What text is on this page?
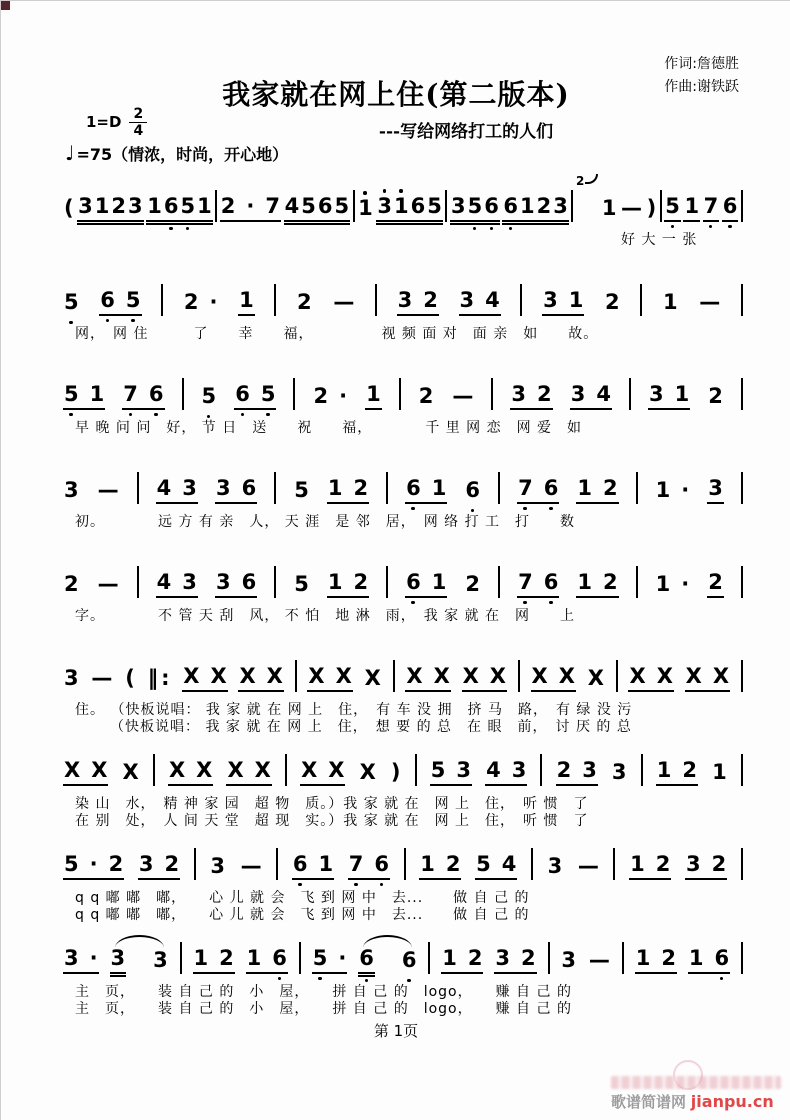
我家就在网上住(第二版本)
---写给网络打工的人们
作词:詹德胜
作曲:谢铁跃
$1=D \frac{2}{4}$
♩ =75（情浓，时尚，开心地）
( 3 1 2 3 1 6 5 1 2 · 7 4 5 6 5 1 3 1 6 5 3 5 6 6 1 2 3
2
1 — ) 5 1 7 6
好 大 一 张
5 6 5 2 · 1 2 — 3 2 3 4 3 1 2 1 —
网，　网 住　　　了　　幸　　福，　　　　　视 频 面 对　面 亲　如　　故。
5 1 7 6 5 6 5 2 · 1 2 — 3 2 3 4 3 1 2
早 晚 问 问　好， 节 日　送　　祝　　福，　　　　千 里 网 恋　网 爱　如
3 — 4 3 3 6 5 1 2 6 1 6 7 6 1 2 1 · 3
初。　　　　远 方 有 亲　人， 天 涯　是 邻　居，　网 络 打 工　打　　数
2 — 4 3 3 6 5 1 2 6 1 2 7 6 1 2 1 · 2
字。　　　　不 管 天 刮　风， 不 怕　地 淋　雨，　我 家 就 在　网　　上
3 — ( ‖ : X X X X X X X X X X X X X X X X X X
住。 （快板说唱： 我 家 就 在 网 上　住，　有 车 没 拥　挤 马　路，　有 绿 没 污
（快板说唱： 我 家 就 在 网 上　住，　想 要 的 总　在 眼　前，　讨 厌 的 总
X X X X X X X X X X ) 5 3 4 3 2 3 3 1 2 1
染 山　水，　精 神 家 园　超 物　质。）我 家 就 在　网 上　住，　听 惯　了
在 别　处，　人 间 天 堂　超 现　实。）我 家 就 在　网 上　住，　听 惯　了
5 · 2 3 2 3 — 6 1 7 6 1 2 5 4 3 — 1 2 3 2
q q 嘟 嘟　嘟，　　心 儿 就 会　飞 到 网 中　去...　　做 自 己 的
q q 嘟 嘟　嘟，　　心 儿 就 会　飞 到 网 中　去...　　做 自 己 的
3 · 3 3 1 2 1 6 5 · 6 6 1 2 3 2 3 — 1 2 1 6
主　页，　　装 自 己 的　小　屋，　　拼 自 己 的　logo，　　赚 自 己 的
主　页，　　装 自 己 的　小　屋，　　拼 自 己 的　logo，　　赚 自 己 的
第 1页
歌谱简谱网 jianpu.cn
